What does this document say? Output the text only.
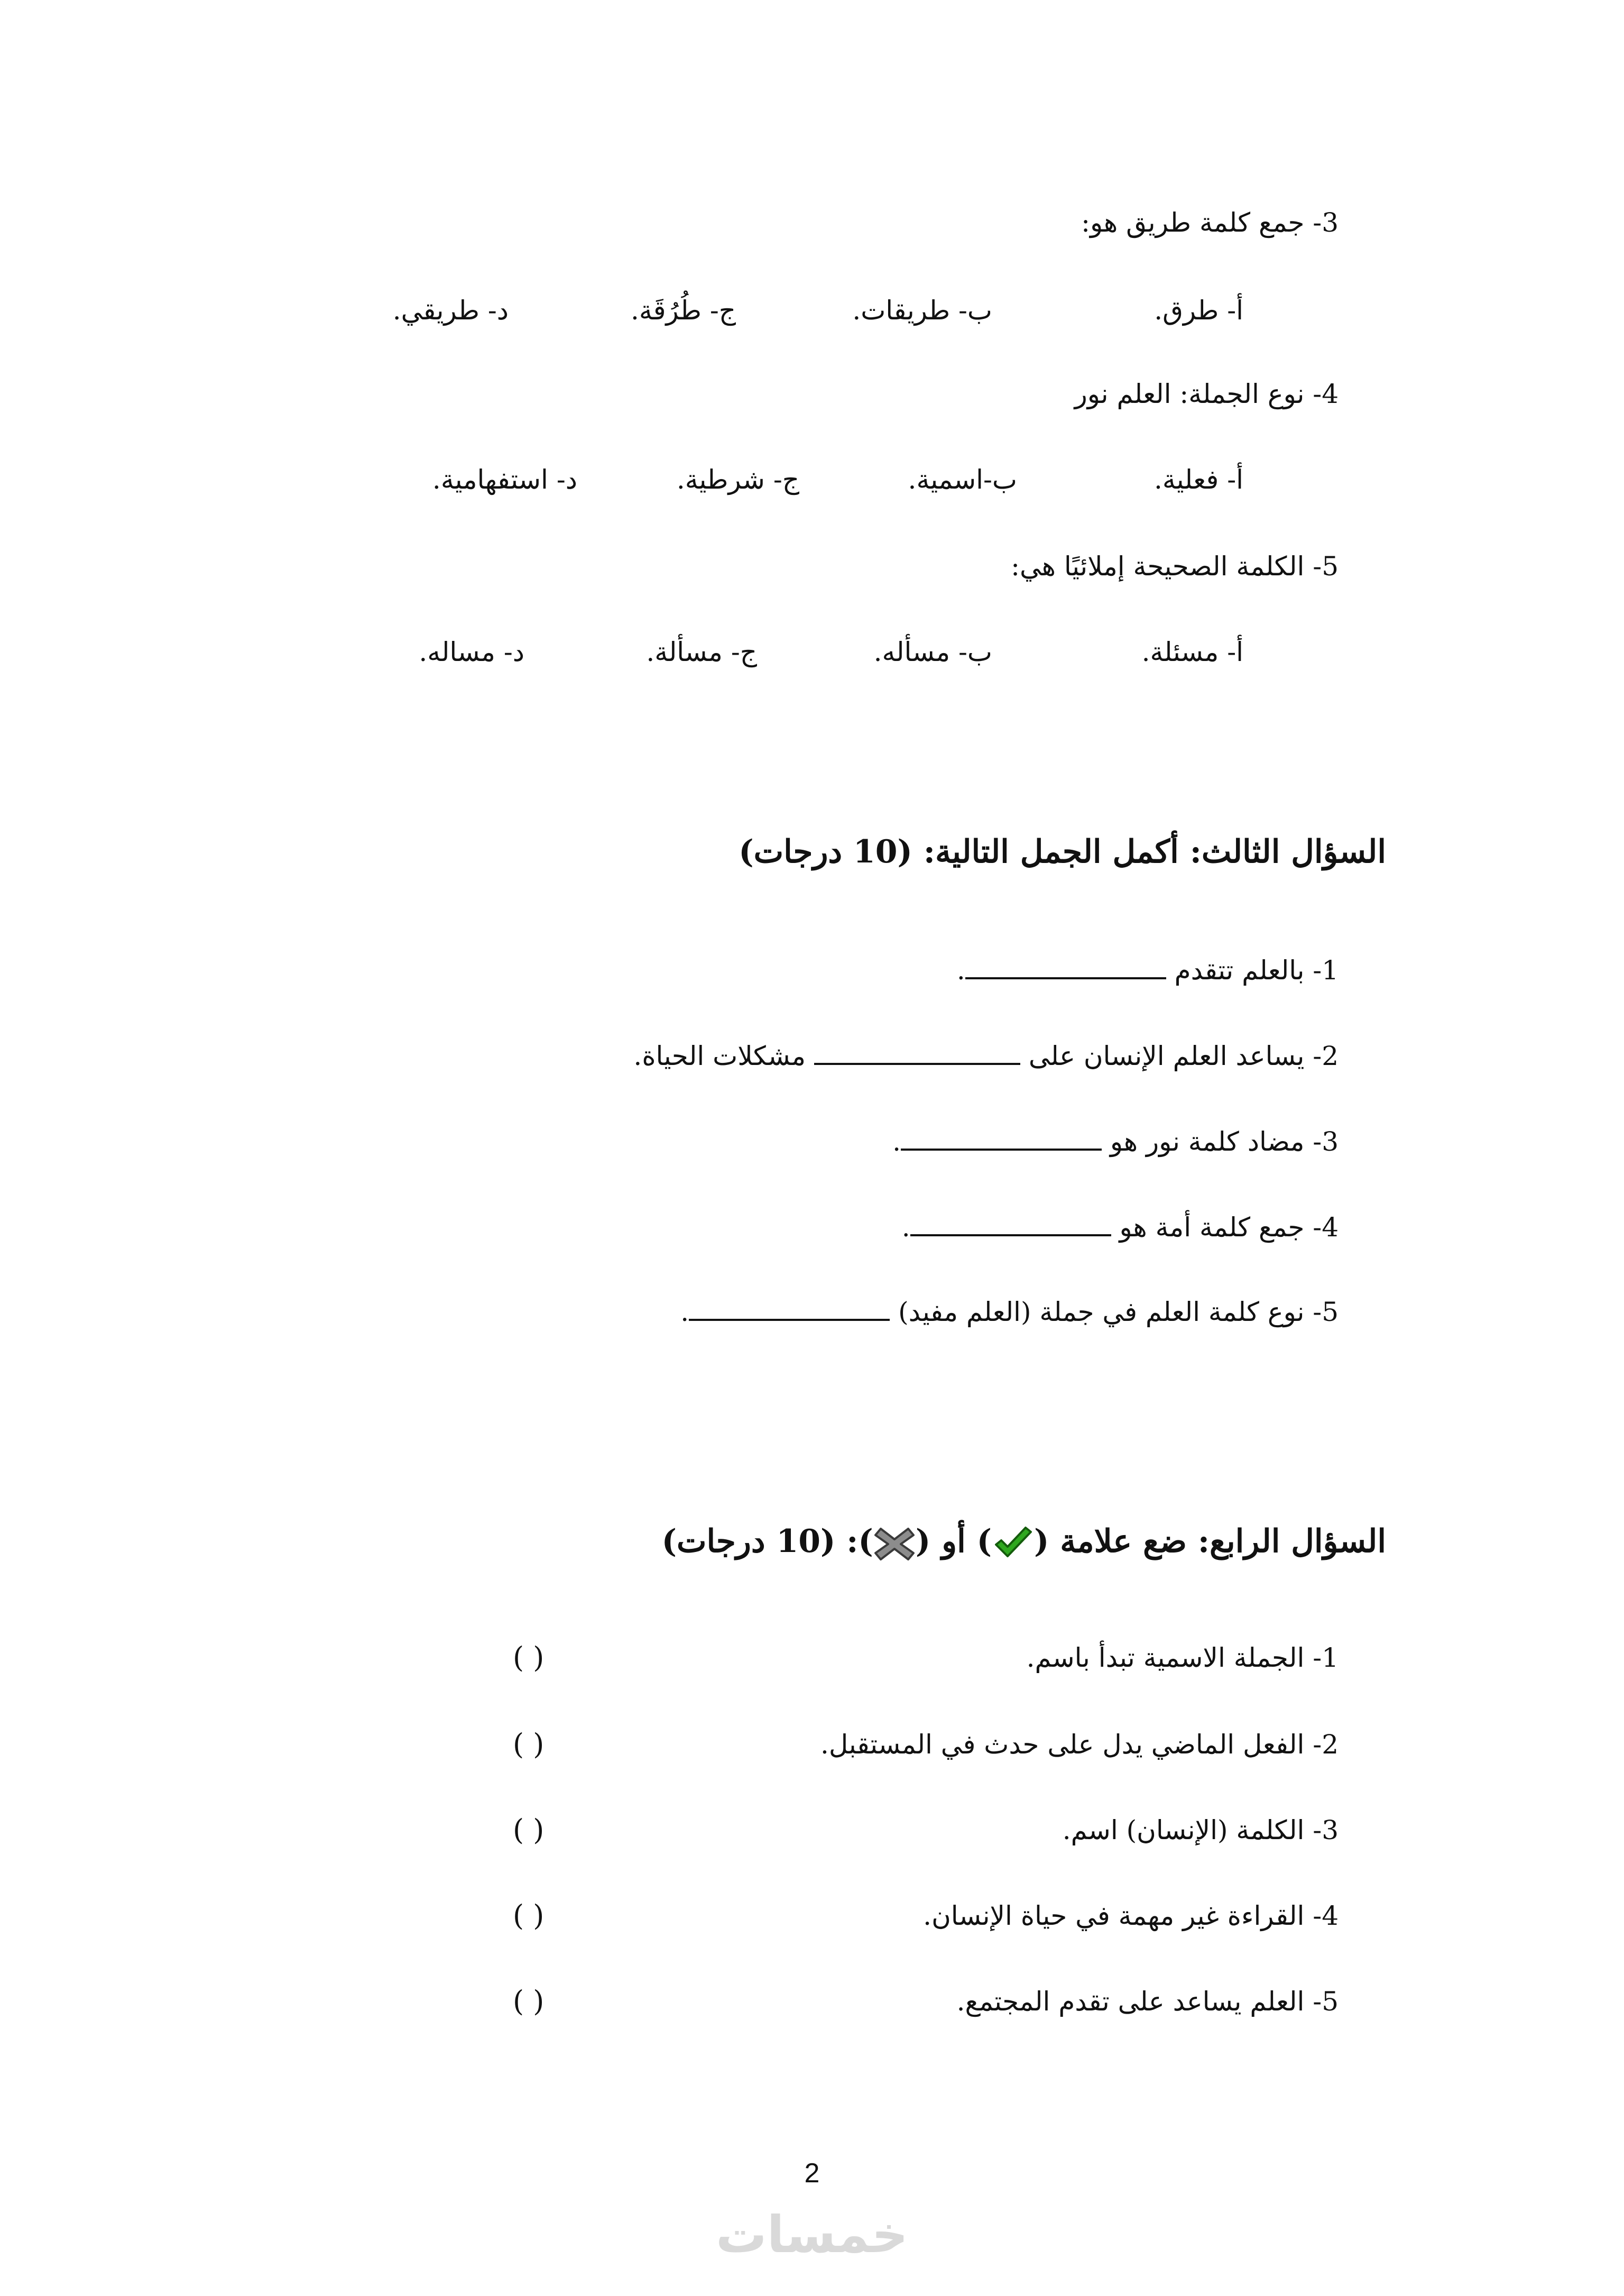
3- جمع كلمة طريق هو:
أ- طرق.
ب- طريقات.
ج- طُرُقَة.
د- طريقي.
4- نوع الجملة: العلم نور
أ- فعلية.
ب-اسمية.
ج- شرطية.
د- استفهامية.
5- الكلمة الصحيحة إملائيًا هي:
أ- مسئلة.
ب- مسأله.
ج- مسألة.
د- مساله.
السؤال الثالث: أكمل الجمل التالية: (10 درجات)
1- بالعلم تتقدم .
2- يساعد العلم الإنسان على  مشكلات الحياة.
3- مضاد كلمة نور هو .
4- جمع كلمة أمة هو .
5- نوع كلمة العلم في جملة (العلم مفيد) .
السؤال الرابع: ضع علامة () أو (): (10 درجات)
1- الجملة الاسمية تبدأ باسم.
( )
2- الفعل الماضي يدل على حدث في المستقبل.
( )
3- الكلمة (الإنسان) اسم.
( )
4- القراءة غير مهمة في حياة الإنسان.
( )
5- العلم يساعد على تقدم المجتمع.
( )
2
خمسات
